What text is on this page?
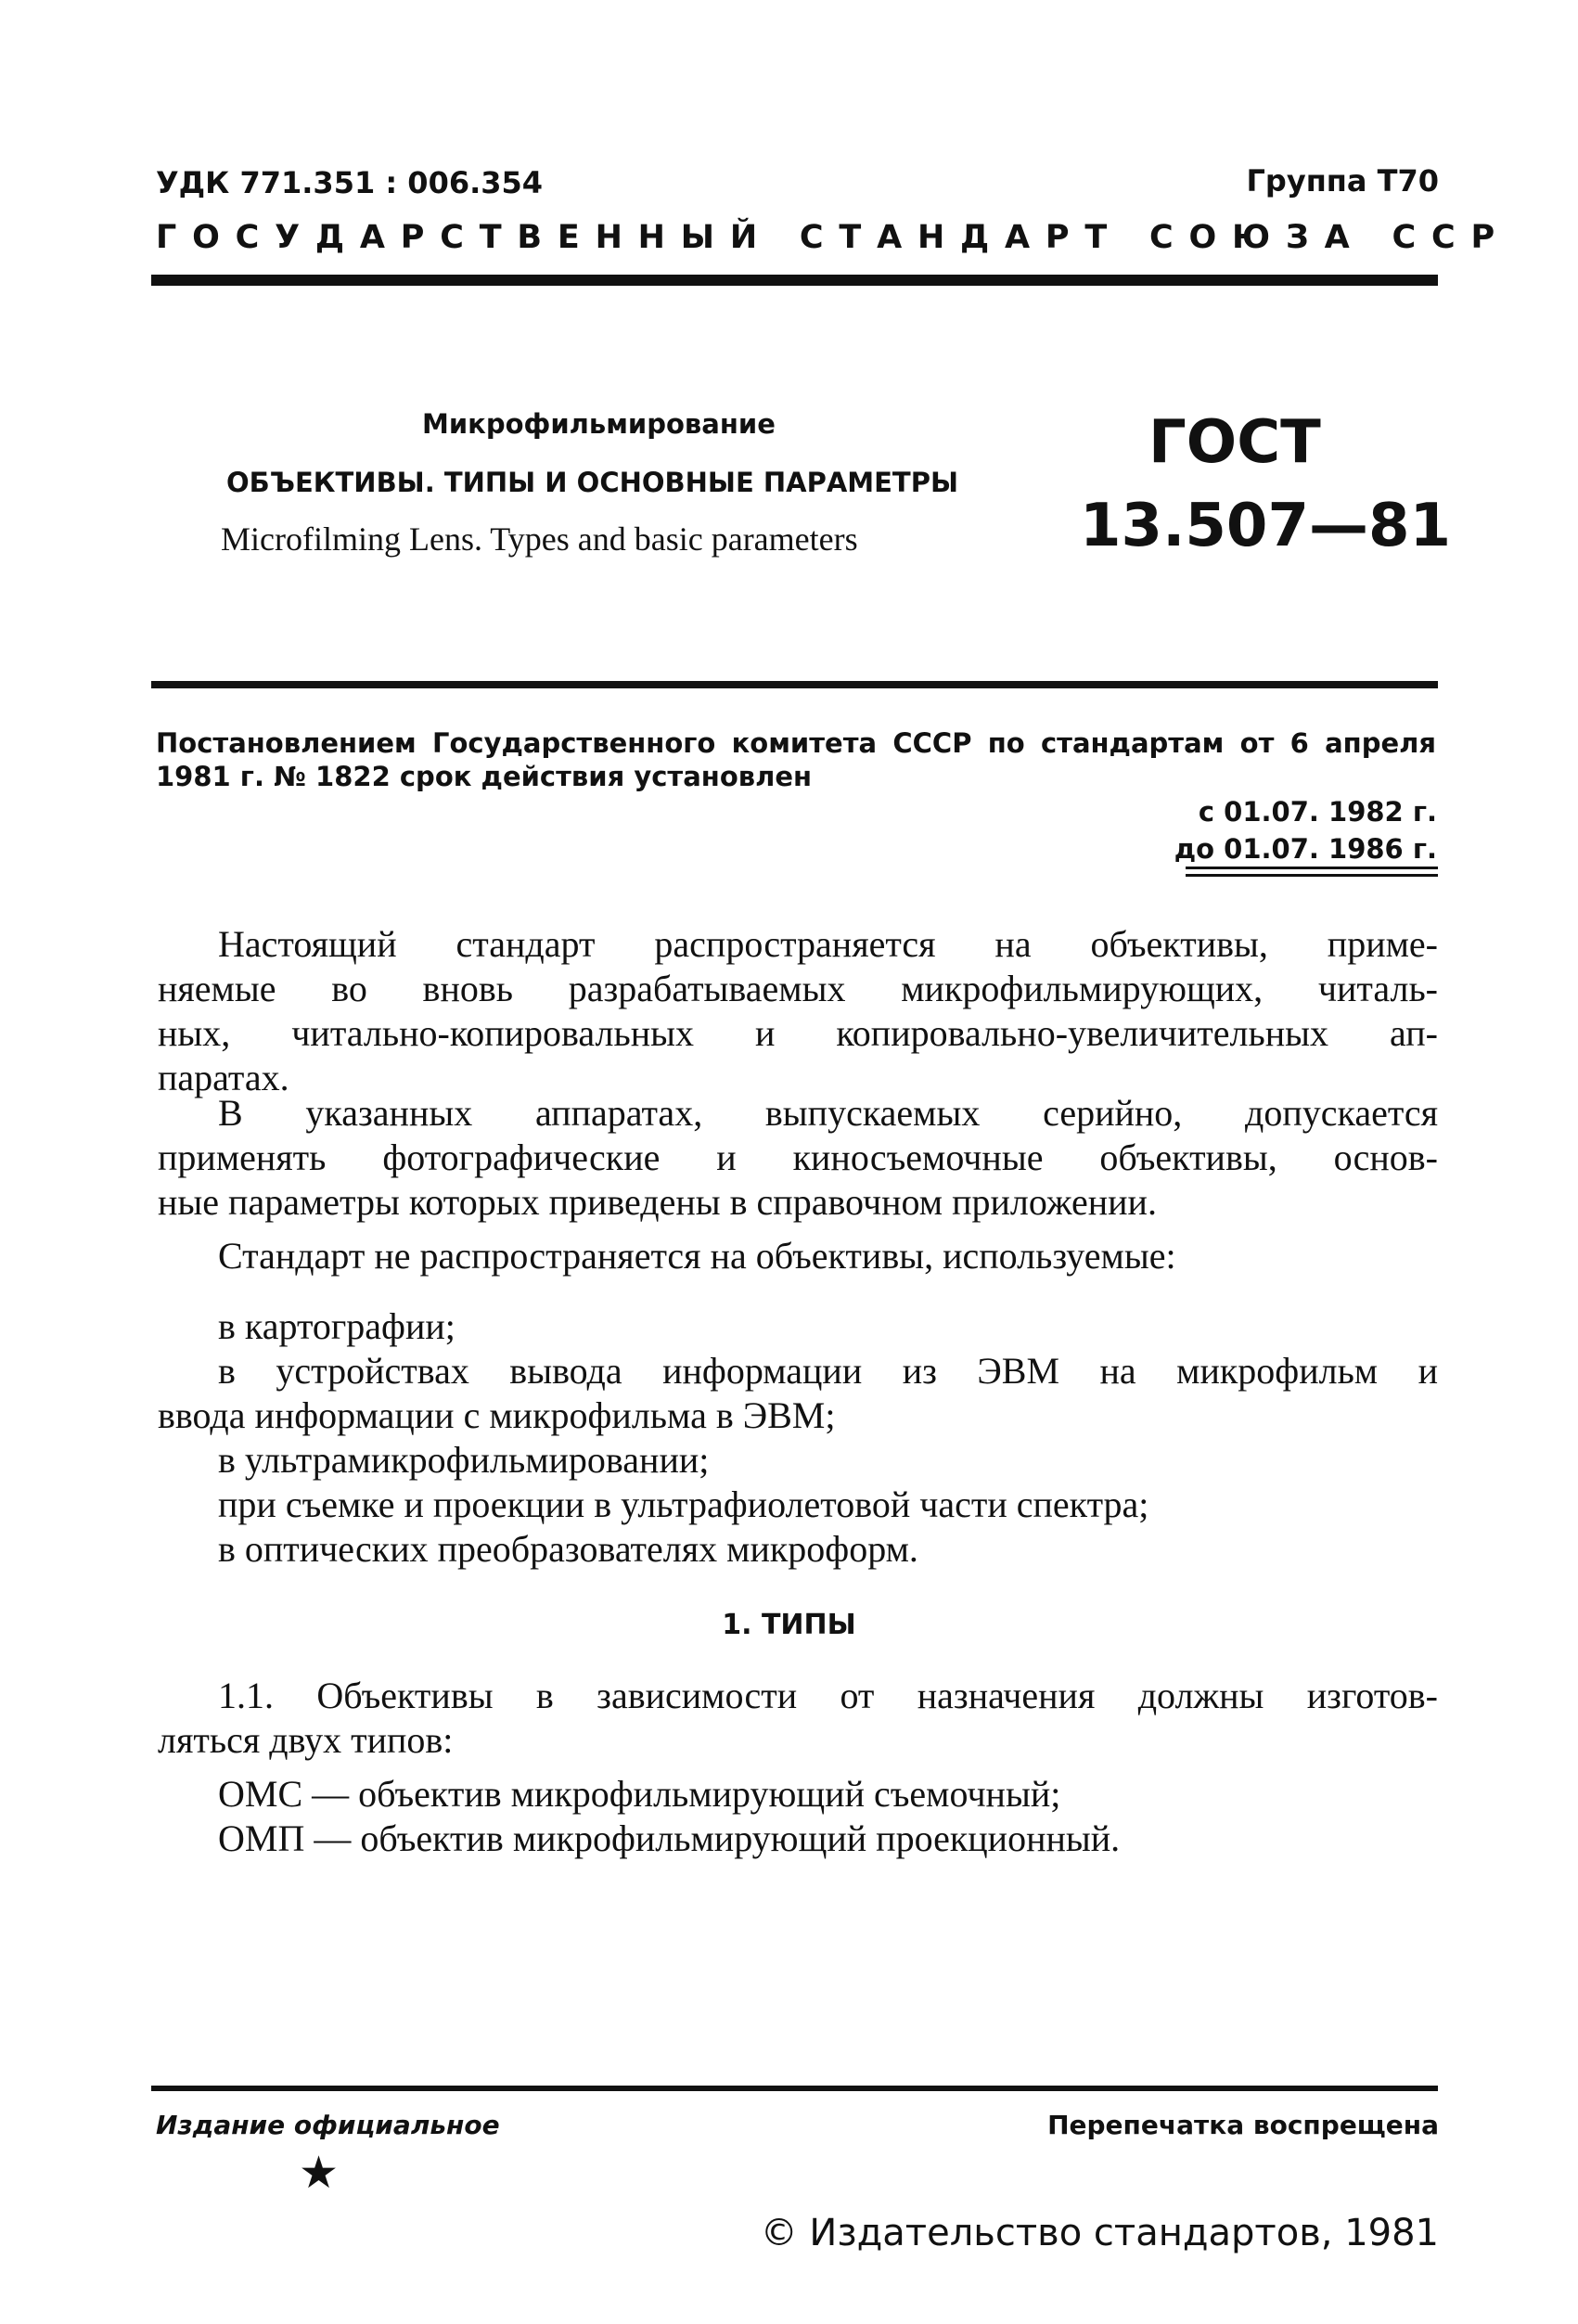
УДК 771.351 : 006.354	Группа Т70
ГОСУДАРСТВЕННЫЙ СТАНДАРТ СОЮЗА ССР
Микрофильмирование
ОБЪЕКТИВЫ. ТИПЫ И ОСНОВНЫЕ ПАРАМЕТРЫ
Microfilming Lens. Types and basic parameters
ГОСТ
13.507—81
Постановлением Государственного комитета СССР по стандартам от 6 апреля
1981 г. № 1822 срок действия установлен
с 01.07. 1982 г.
до 01.07. 1986 г.
Настоящий стандарт распространяется на объективы, приме-
няемые во вновь разрабатываемых микрофильмирующих, читаль-
ных, читально-копировальных и копировально-увеличительных ап-
паратах.
В указанных аппаратах, выпускаемых серийно, допускается
применять фотографические и киносъемочные объективы, основ-
ные параметры которых приведены в справочном приложении.
Стандарт не распространяется на объективы, используемые:
в картографии;
в устройствах вывода информации из ЭВМ на микрофильм и
ввода информации с микрофильма в ЭВМ;
в ультрамикрофильмировании;
при съемке и проекции в ультрафиолетовой части спектра;
в оптических преобразователях микроформ.
1. ТИПЫ
1.1. Объективы в зависимости от назначения должны изготов-
ляться двух типов:
ОМС — объектив микрофильмирующий съемочный;
ОМП — объектив микрофильмирующий проекционный.
Издание официальное	Перепечатка воспрещена
★
© Издательство стандартов, 1981
